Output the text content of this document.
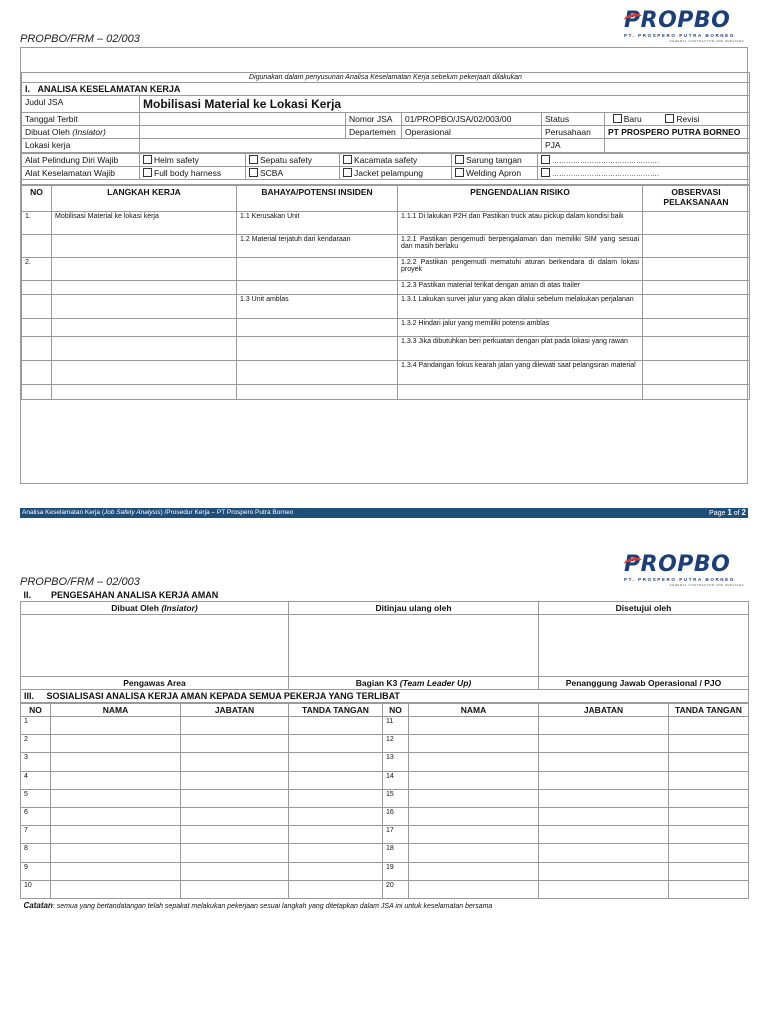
PROPBO/FRM – 02/003
PROPBO
PT. PROSPERO PUTRA BORNEO
GENERAL CONTRACTOR AND SERVICES

Digunakan dalam penyusunan Analisa Keselamatan Kerja sebelum pekerjaan dilakukan					
I. ANALISA KESELAMATAN KERJA					
Judul JSA	Mobilisasi Material ke Lokasi Kerja				
Tanggal Terbit		Nomor JSA	01/PROPBO/JSA/02/003/00	Status	Baru Revisi
Dibuat Oleh (Insiator)		Departemen	Operasional	Perusahaan	PT PROSPERO PUTRA BORNEO
Lokasi kerja				PJA	
Alat Pelindung Diri Wajib	Helm safety	Sepatu safety	Kacamata safety	Sarung tangan	……………………………………….
Alat Keselamatan Wajib	Full body harness	SCBA	Jacket pelampung	Welding Apron	……………………………………….

NO	LANGKAH KERJA	BAHAYA/POTENSI INSIDEN	PENGENDALIAN RISIKO	OBSERVASI PELAKSANAAN
1.	Mobilisasi Material ke lokasi kerja	1.1 Kerusakan Unit	1.1.1 Di lakukan P2H dan Pastikan truck atau pickup dalam kondisi baik	
		1.2 Material terjatuh dari kendaraan	1.2.1 Pastikan pengemudi berpengalaman dan memiliki SIM yang sesuai dan masih berlaku	
2.			1.2.2 Pastikan pengemudi mematuhi aturan berkendara di dalam lokasi proyek	
			1.2.3 Pastikan material terikat dengan aman di atas trailer	
		1.3 Unit amblas	1.3.1 Lakukan survei jalur yang akan dilalui sebelum melakukan perjalanan	
			1.3.2 Hindari jalur yang memiliki potensi amblas	
			1.3.3 Jika dibutuhkan beri perkuatan dengan plat pada lokasi yang rawan	
			1.3.4 Pandangan fokus kearah jalan yang dilewati saat pelangsiran material	

Analisa Keselamatan Kerja (Job Safety Analysis) /Prosedur Kerja – PT Prospero Putra Borneo	Page 1 of 2
PROPBO/FRM – 02/003
PROPBO
PT. PROSPERO PUTRA BORNEO
GENERAL CONTRACTOR AND SERVICES
II. PENGESAHAN ANALISA KERJA AMAN		
Dibuat Oleh (Insiator)	Ditinjau ulang oleh	Disetujui oleh

Pengawas Area	Bagian K3 (Team Leader Up)	Penanggung Jawab Operasional / PJO
III. SOSIALISASI ANALISA KERJA AMAN KEPADA SEMUA PEKERJA YANG TERLIBAT		
NO	NAMA	JABATAN	TANDA TANGAN	NO	NAMA	JABATAN	TANDA TANGAN
1				11			
2				12			
3				13			
4				14			
5				15			
6				16			
7				17			
8				18			
9				19			
10				20			
Catatan: semua yang bertandatangan telah sepakat melakukan pekerjaan sesuai langkah yang ditetapkan dalam JSA ini untuk keselamatan bersama							
